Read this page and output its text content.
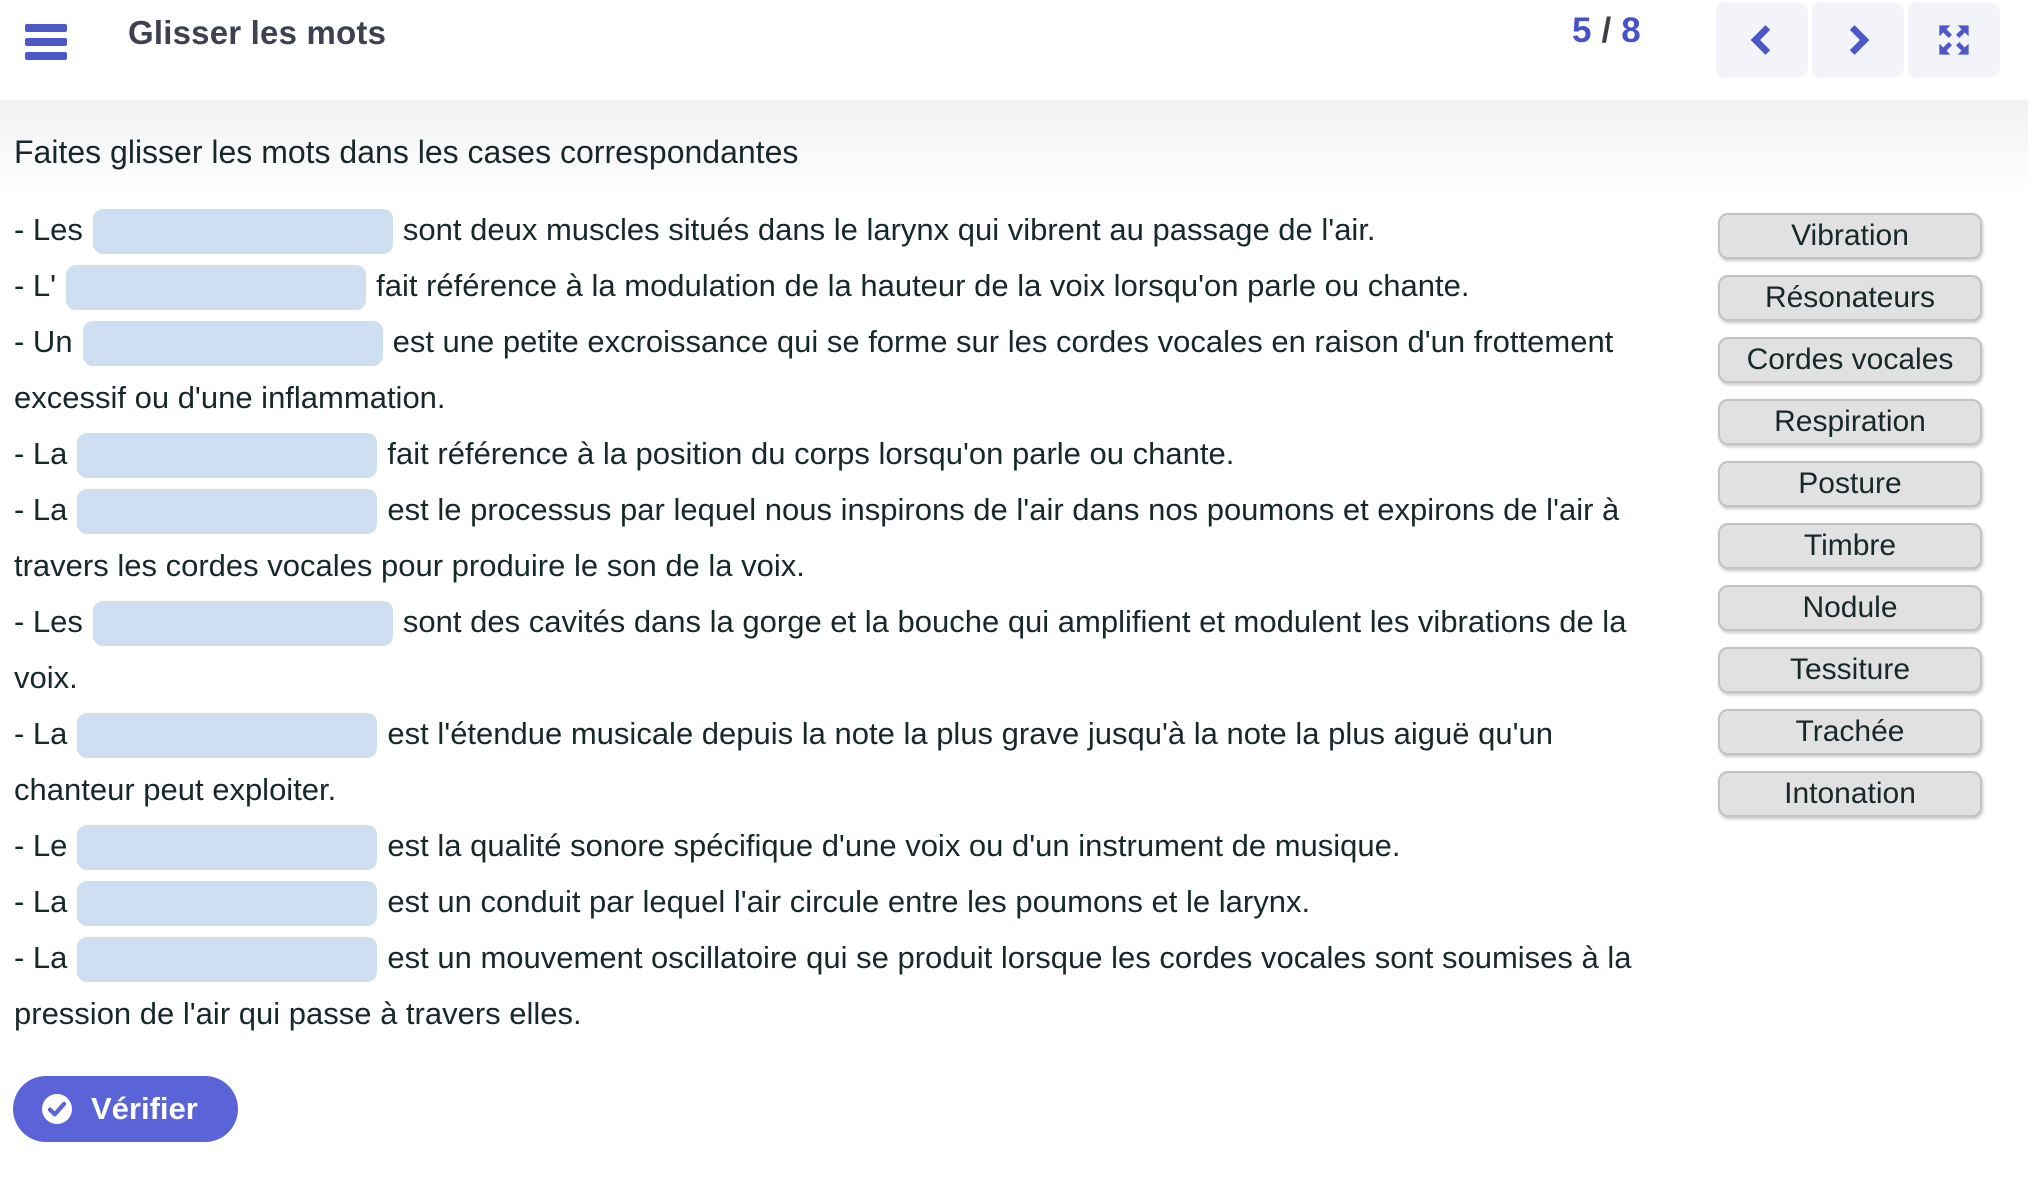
Glisser les mots	5 / 8

Faites glisser les mots dans les cases correspondantes

- Les	sont deux muscles situés dans le larynx qui vibrent au passage de l'air.

- L'	fait référence à la modulation de la hauteur de la voix lorsqu'on parle ou chante.

- Un	est une petite excroissance qui se forme sur les cordes vocales en raison d'un frottement excessif ou d'une inflammation.

- La	fait référence à la position du corps lorsqu'on parle ou chante.

- La	est le processus par lequel nous inspirons de l'air dans nos poumons et expirons de l'air à travers les cordes vocales pour produire le son de la voix.

- Les	sont des cavités dans la gorge et la bouche qui amplifient et modulent les vibrations de la voix.

- La	est l'étendue musicale depuis la note la plus grave jusqu'à la note la plus aiguë qu'un chanteur peut exploiter.

- Le	est la qualité sonore spécifique d'une voix ou d'un instrument de musique.

- La	est un conduit par lequel l'air circule entre les poumons et le larynx.

- La	est un mouvement oscillatoire qui se produit lorsque les cordes vocales sont soumises à la pression de l'air qui passe à travers elles.

Vibration
Résonateurs
Cordes vocales
Respiration
Posture
Timbre
Nodule
Tessiture
Trachée
Intonation
Vérifier
